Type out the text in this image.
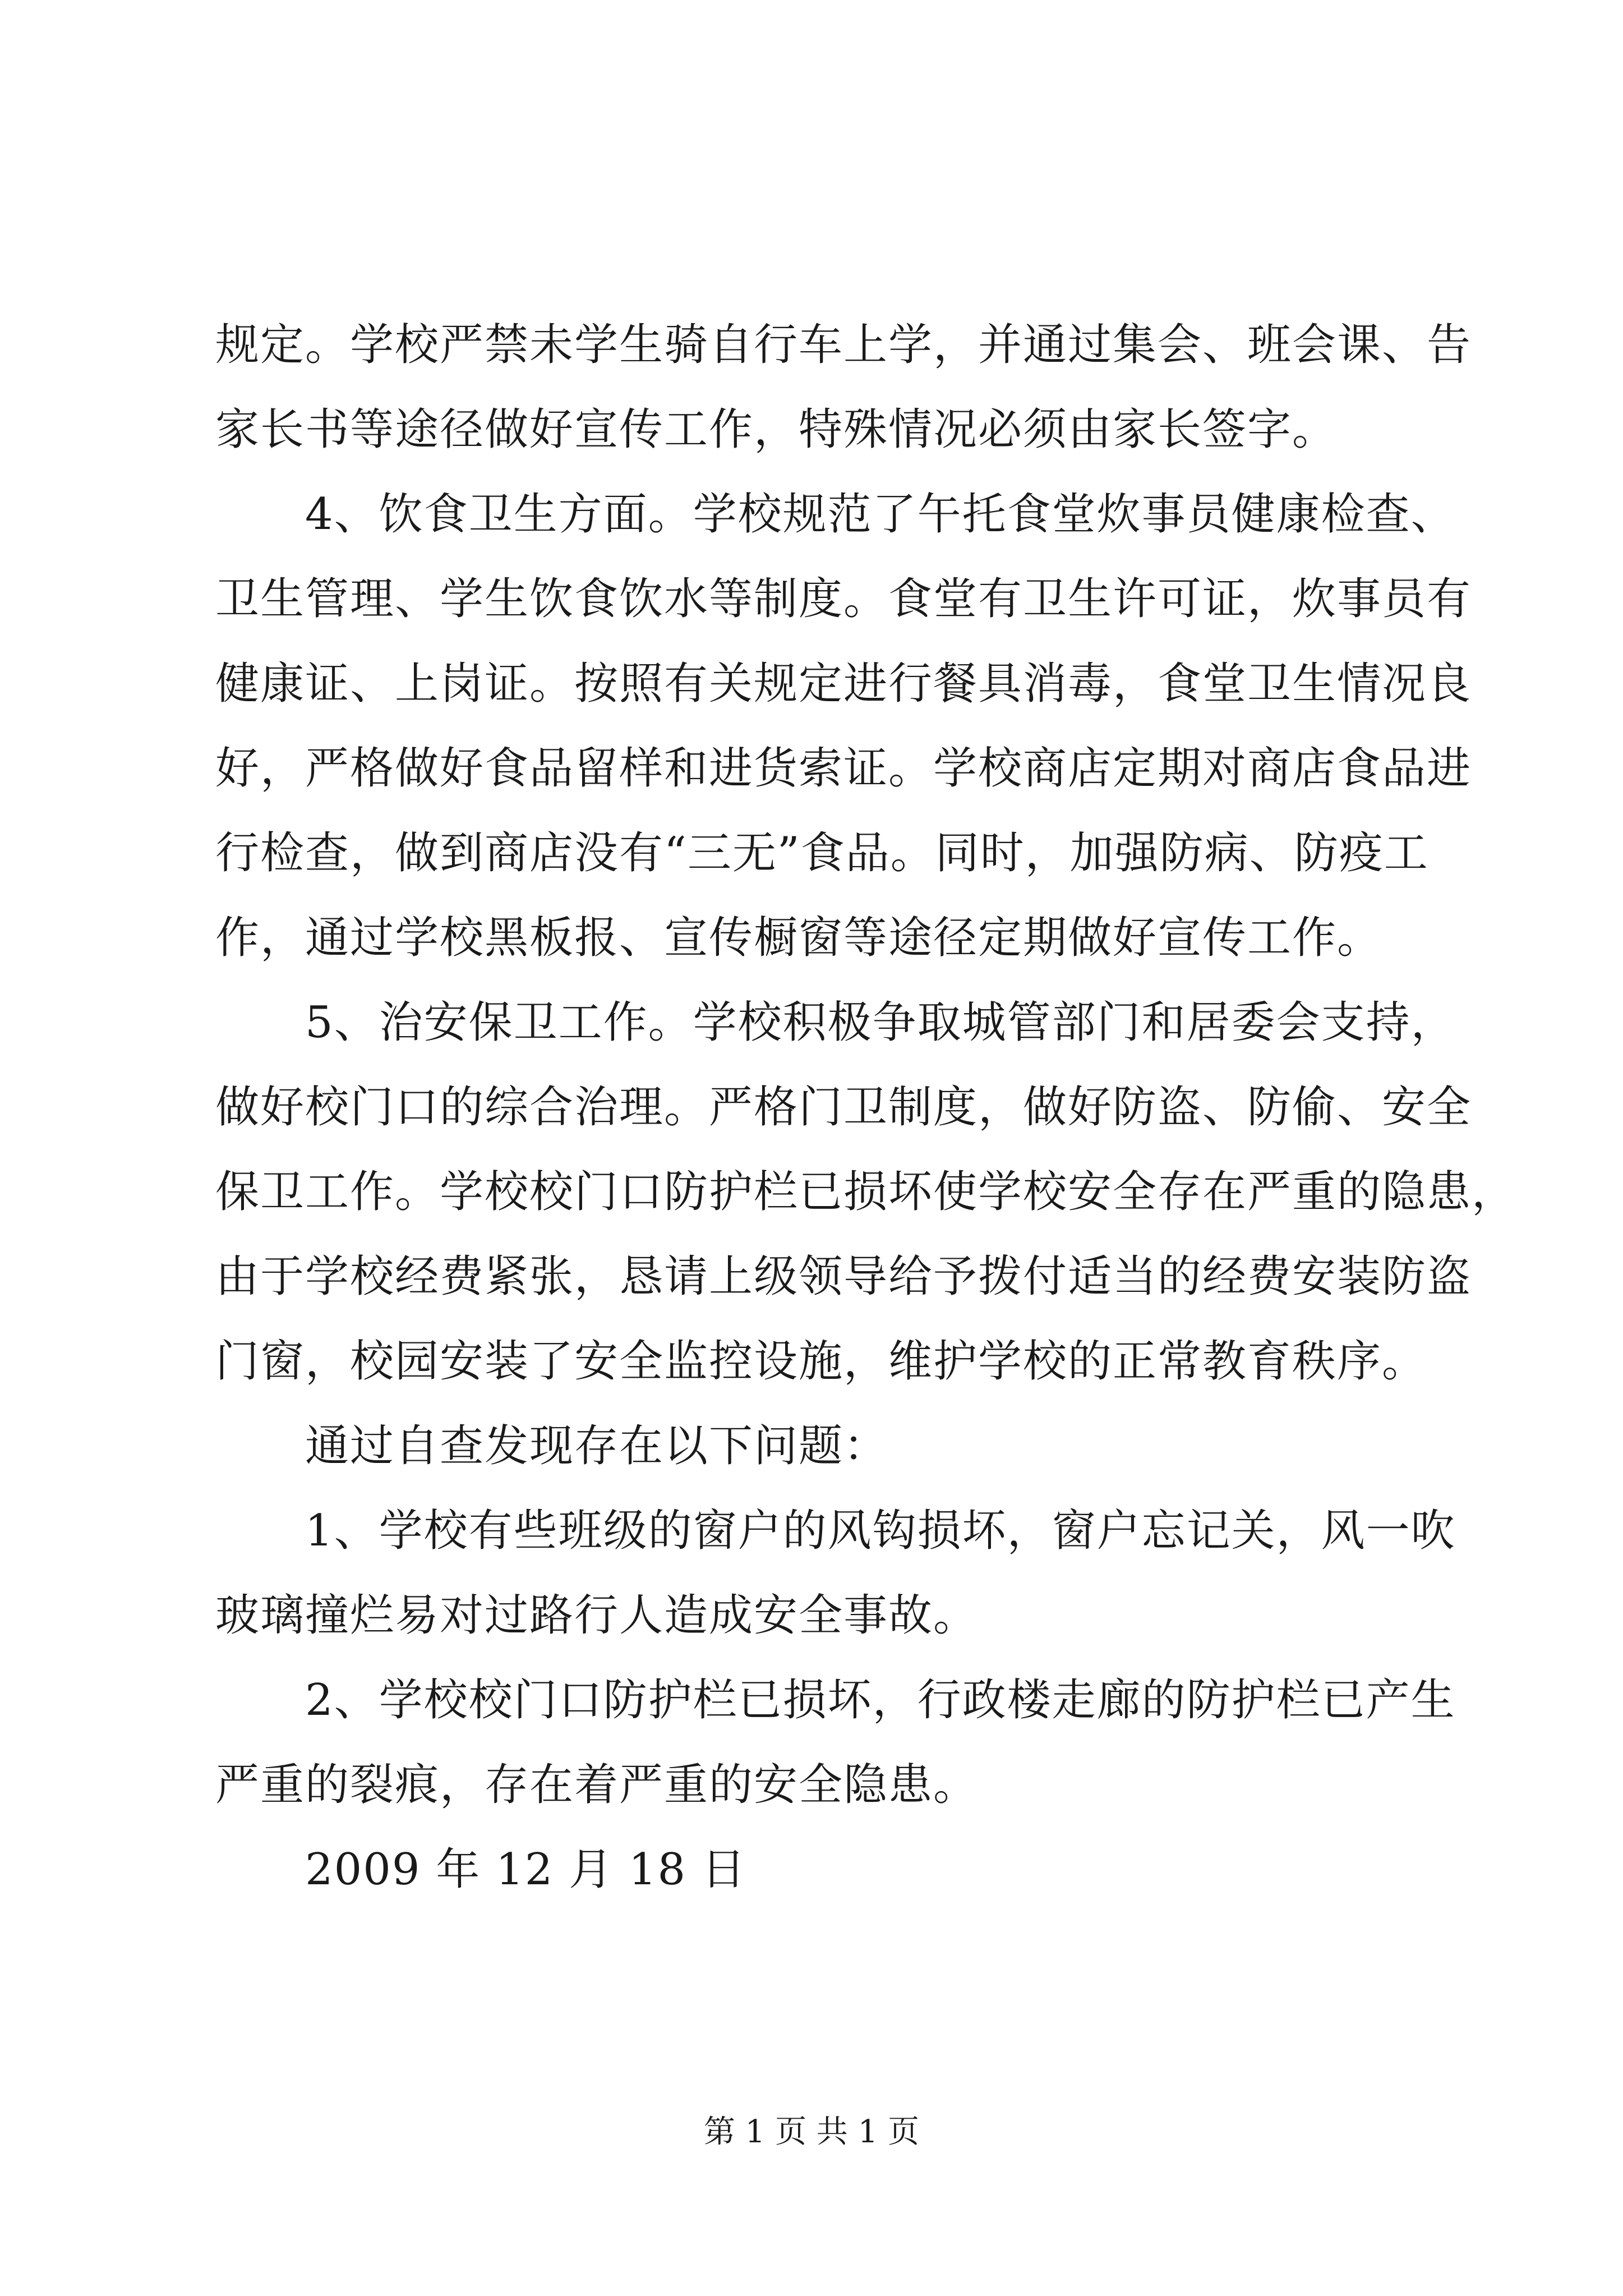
规定。学校严禁未学生骑自行车上学，并通过集会、班会课、告
家长书等途径做好宣传工作，特殊情况必须由家长签字。
4、饮食卫生方面。学校规范了午托食堂炊事员健康检查、
卫生管理、学生饮食饮水等制度。食堂有卫生许可证，炊事员有
健康证、上岗证。按照有关规定进行餐具消毒，食堂卫生情况良
好，严格做好食品留样和进货索证。学校商店定期对商店食品进
行检查，做到商店没有“三无”食品。同时，加强防病、防疫工
作，通过学校黑板报、宣传橱窗等途径定期做好宣传工作。
5、治安保卫工作。学校积极争取城管部门和居委会支持，
做好校门口的综合治理。严格门卫制度，做好防盗、防偷、安全
保卫工作。学校校门口防护栏已损坏使学校安全存在严重的隐患，
由于学校经费紧张，恳请上级领导给予拨付适当的经费安装防盗
门窗，校园安装了安全监控设施，维护学校的正常教育秩序。
通过自查发现存在以下问题：
1、学校有些班级的窗户的风钩损坏，窗户忘记关，风一吹
玻璃撞烂易对过路行人造成安全事故。
2、学校校门口防护栏已损坏，行政楼走廊的防护栏已产生
严重的裂痕，存在着严重的安全隐患。
2009 年 12 月 18 日
第 1 页 共 1 页
